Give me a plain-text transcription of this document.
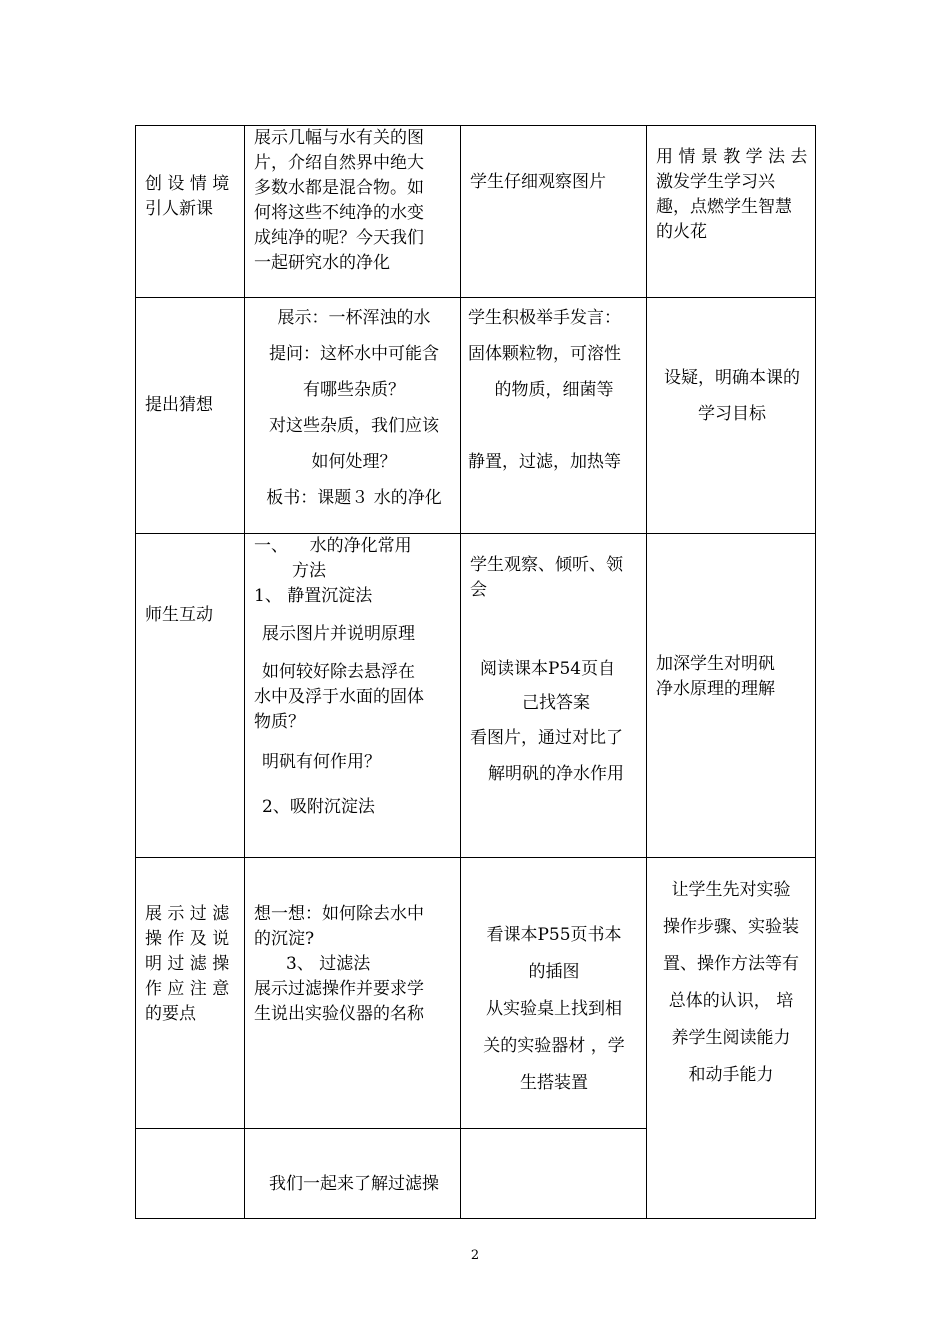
创 设 情 境

引人新课

展示几幅与水有关的图

片，介绍自然界中绝大

多数水都是混合物。如

何将这些不纯净的水变

成纯净的呢？今天我们

一起研究水的净化

学生仔细观察图片

用 情 景 教 学 法 去

激发学生学习兴

趣，点燃学生智慧

的火花

提出猜想

展示：一杯浑浊的水

提问：这杯水中可能含

有哪些杂质？

对这些杂质，我们应该

如何处理？

板书：课题３ 水的净化

学生积极举手发言：

固体颗粒物，可溶性

的物质，细菌等

静置，过滤，加热等

设疑，明确本课的

学习目标

师生互动

一、    水的净化常用

方法

1、 静置沉淀法

展示图片并说明原理

如何较好除去悬浮在

水中及浮于水面的固体

物质？

明矾有何作用？

2、吸附沉淀法

学生观察、倾听、领

会

阅读课本P54页自

己找答案

看图片，通过对比了

解明矾的净水作用

加深学生对明矾

净水原理的理解

展 示 过 滤

操 作 及 说

明 过 滤 操

作 应 注 意

的要点

想一想：如何除去水中

的沉淀?

3、 过滤法

展示过滤操作并要求学

生说出实验仪器的名称

看课本P55页书本

的插图

从实验桌上找到相

关的实验器材 ，学

生搭装置

让学生先对实验

操作步骤、实验装

置、操作方法等有

总体的认识， 培

养学生阅读能力

和动手能力

我们一起来了解过滤操

2
